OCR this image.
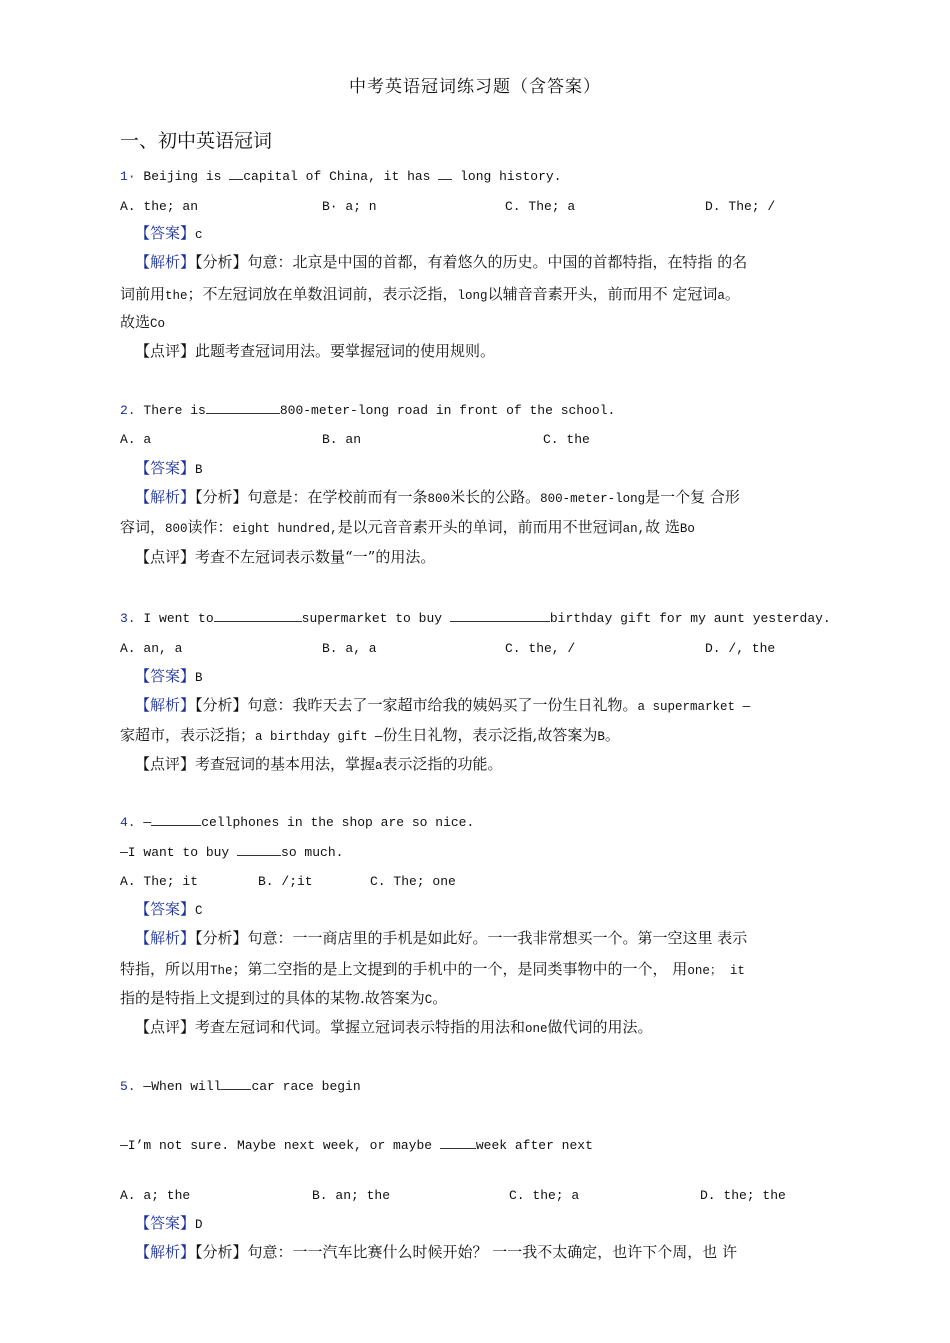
中考英语冠词练习题（含答案）
一、初中英语冠词
1· Beijing is capital of China, it has  long history.
A. the; an	B· a; n	C. The; a	D. The; /
【答案】c
【解析】【分析】句意：北京是中国的首都，有着悠久的历史。中国的首都特指，在特指 的名
词前用the；不左冠词放在单数沮词前，表示泛指，long以辅音音素开头，前而用不 定冠词a。
故选Co
【点评】此题考查冠词用法。要掌握冠词的使用规则。
2. There is	800-meter-long road in front of the school.
A. a	B. an	C. the
【答案】B
【解析】【分析】句意是：在学校前而有一条800米长的公路。800-meter-long是一个复 合形
容词，800读作：eight hundred,是以元音音素开头的单词，前而用不世冠词an,故 选Bo
【点评】考查不左冠词表示数量“一”的用法。
3. I went to	supermarket to buy	birthday gift for my aunt yesterday.
A. an, a	B. a, a	C. the, /	D. /, the
【答案】B
【解析】【分析】句意：我昨天去了一家超市给我的姨妈买了一份生日礼物。a supermarket —
家超市，表示泛指；a birthday gift —份生日礼物，表示泛指,故答案为B。
【点评】考查冠词的基本用法，掌握a表示泛指的功能。
4. —	cellphones in the shop are so nice.
—I want to buy	so much.
A. The; it	B. /;it	C. The; one
【答案】C
【解析】【分析】句意：一一商店里的手机是如此好。一一我非常想买一个。第一空这里 表示
特指，所以用The；第二空指的是上文提到的手机中的一个，是同类事物中的一个， 用one； it
指的是特指上文提到过的具体的某物.故答案为C。
【点评】考查左冠词和代词。掌握立冠词表示特指的用法和one做代词的用法。
5. —When will car race begin
—I’m not sure. Maybe next week, or maybe	week after next
A. a; the	B. an; the	C. the; a	D. the; the
【答案】D
【解析】【分析】句意：一一汽车比赛什么时候开始？ 一一我不太确定，也许下个周，也 许
